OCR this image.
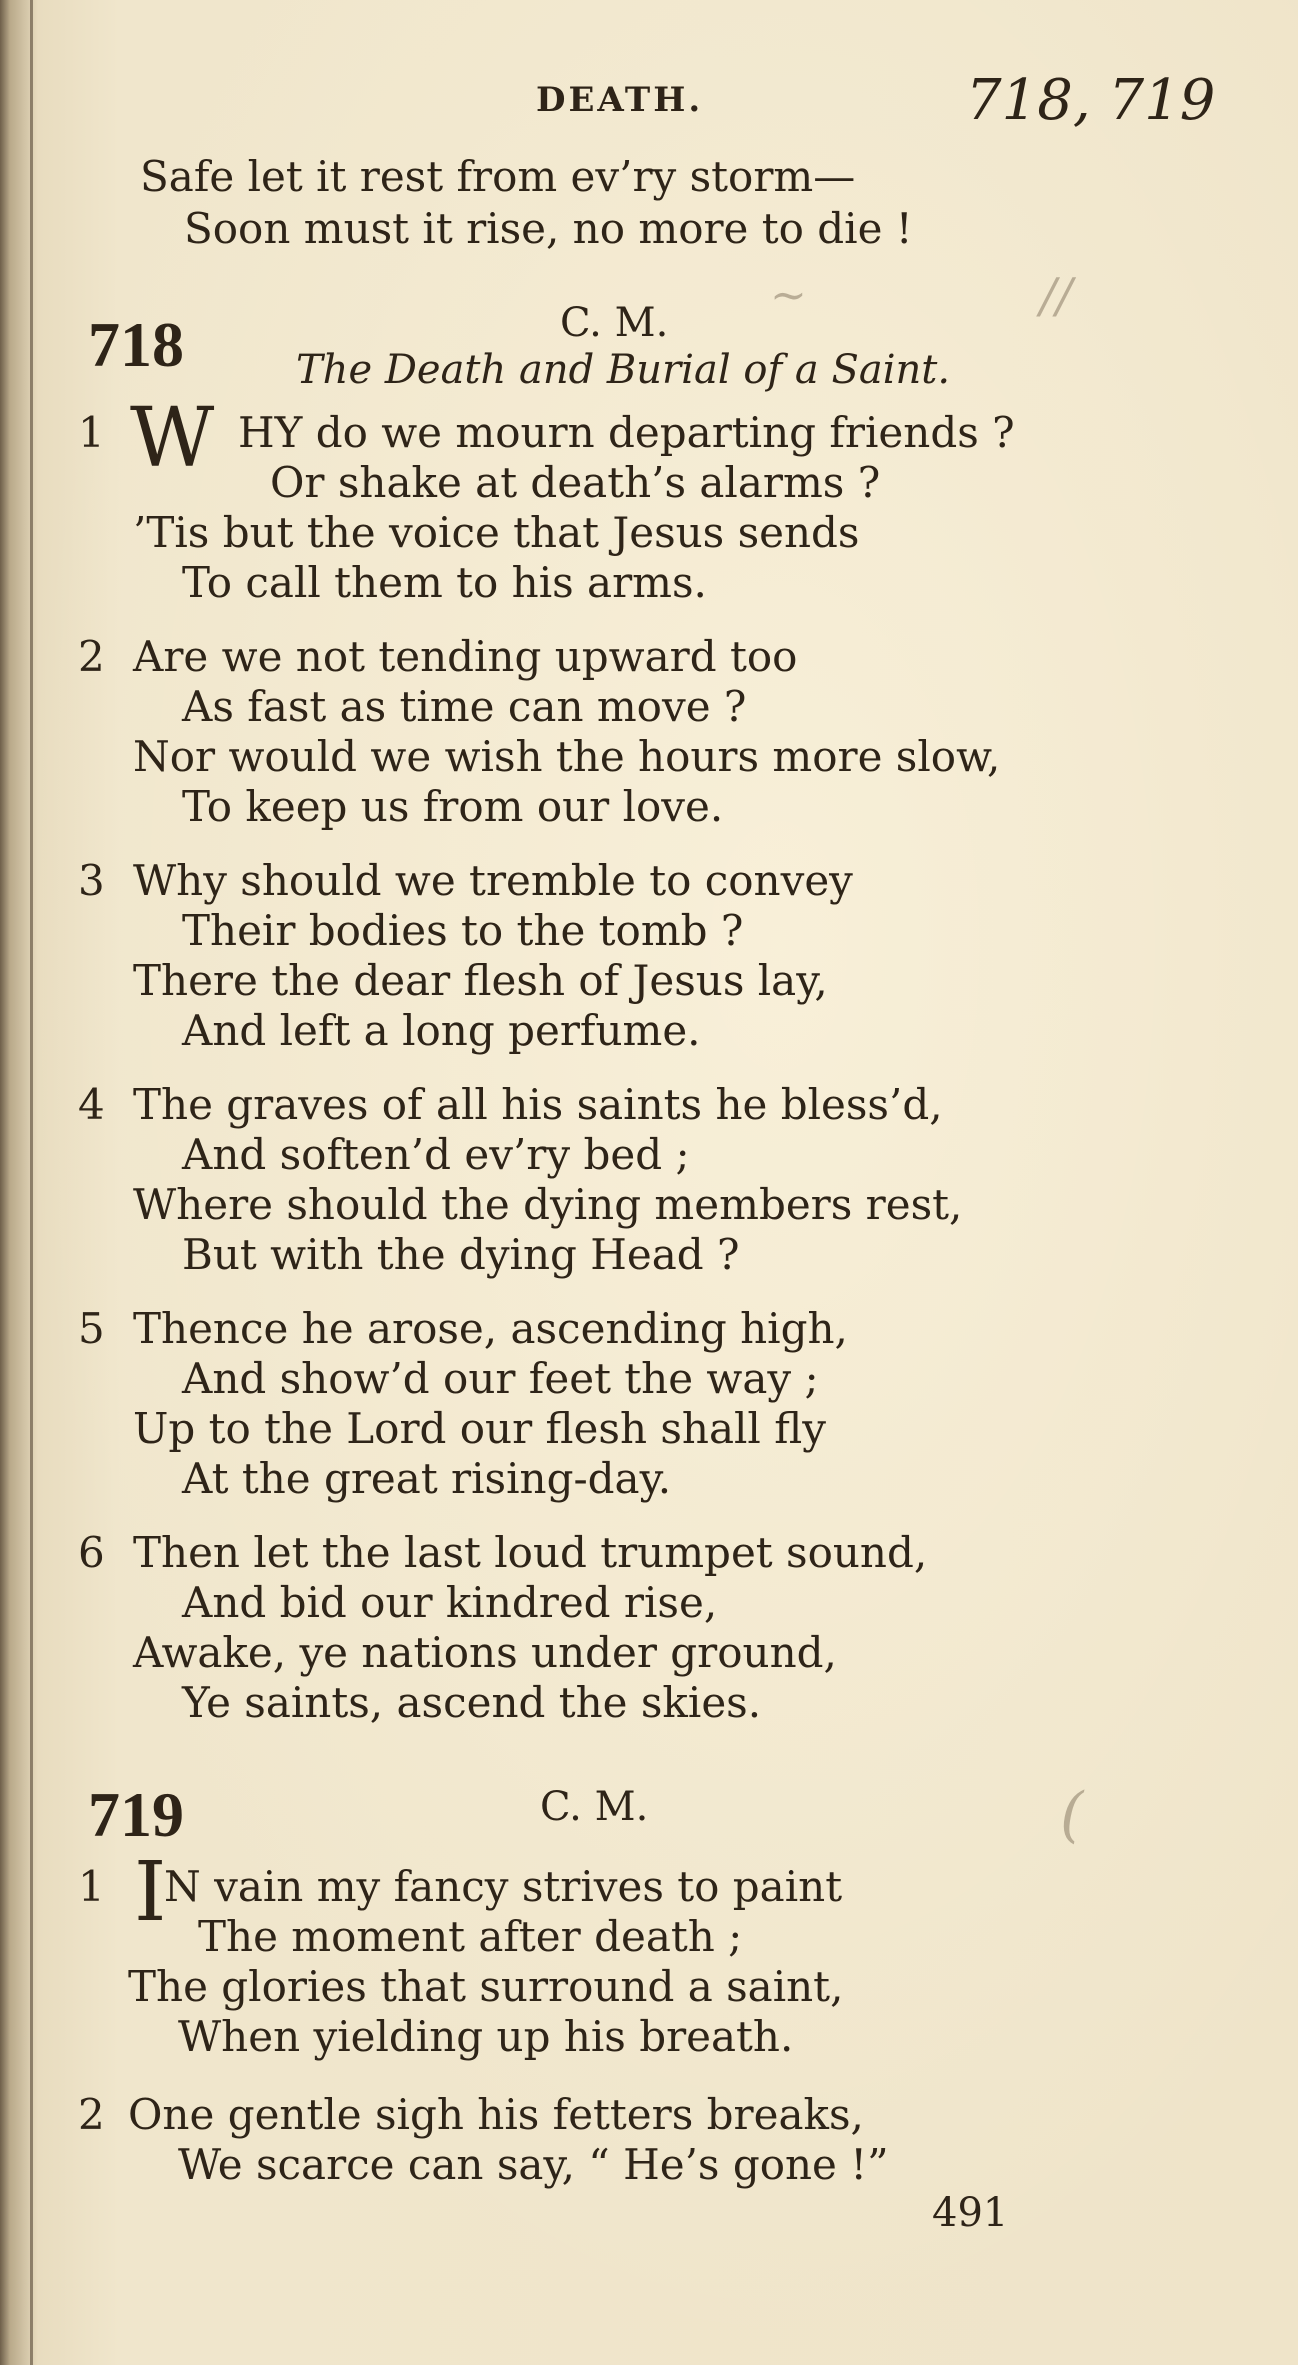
~	//
(
DEATH.	718, 719
Safe let it rest from ev’ry storm—
Soon must it rise, no more to die !
718	C. M.
The Death and Burial of a Saint.
1 W HY do we mourn departing friends ?
Or shake at death’s alarms ?
’Tis but the voice that Jesus sends
To call them to his arms.
2 Are we not tending upward too
As fast as time can move ?
Nor would we wish the hours more slow,
To keep us from our love.
3 Why should we tremble to convey
Their bodies to the tomb ?
There the dear flesh of Jesus lay,
And left a long perfume.
4 The graves of all his saints he bless’d,
And soften’d ev’ry bed ;
Where should the dying members rest,
But with the dying Head ?
5 Thence he arose, ascending high,
And show’d our feet the way ;
Up to the Lord our flesh shall fly
At the great rising-day.
6 Then let the last loud trumpet sound,
And bid our kindred rise,
Awake, ye nations under ground,
Ye saints, ascend the skies.
719	C. M.
1 I
N vain my fancy strives to paint
The moment after death ;
The glories that surround a saint,
When yielding up his breath.
2 One gentle sigh his fetters breaks,
We scarce can say, “ He’s gone !”
491
